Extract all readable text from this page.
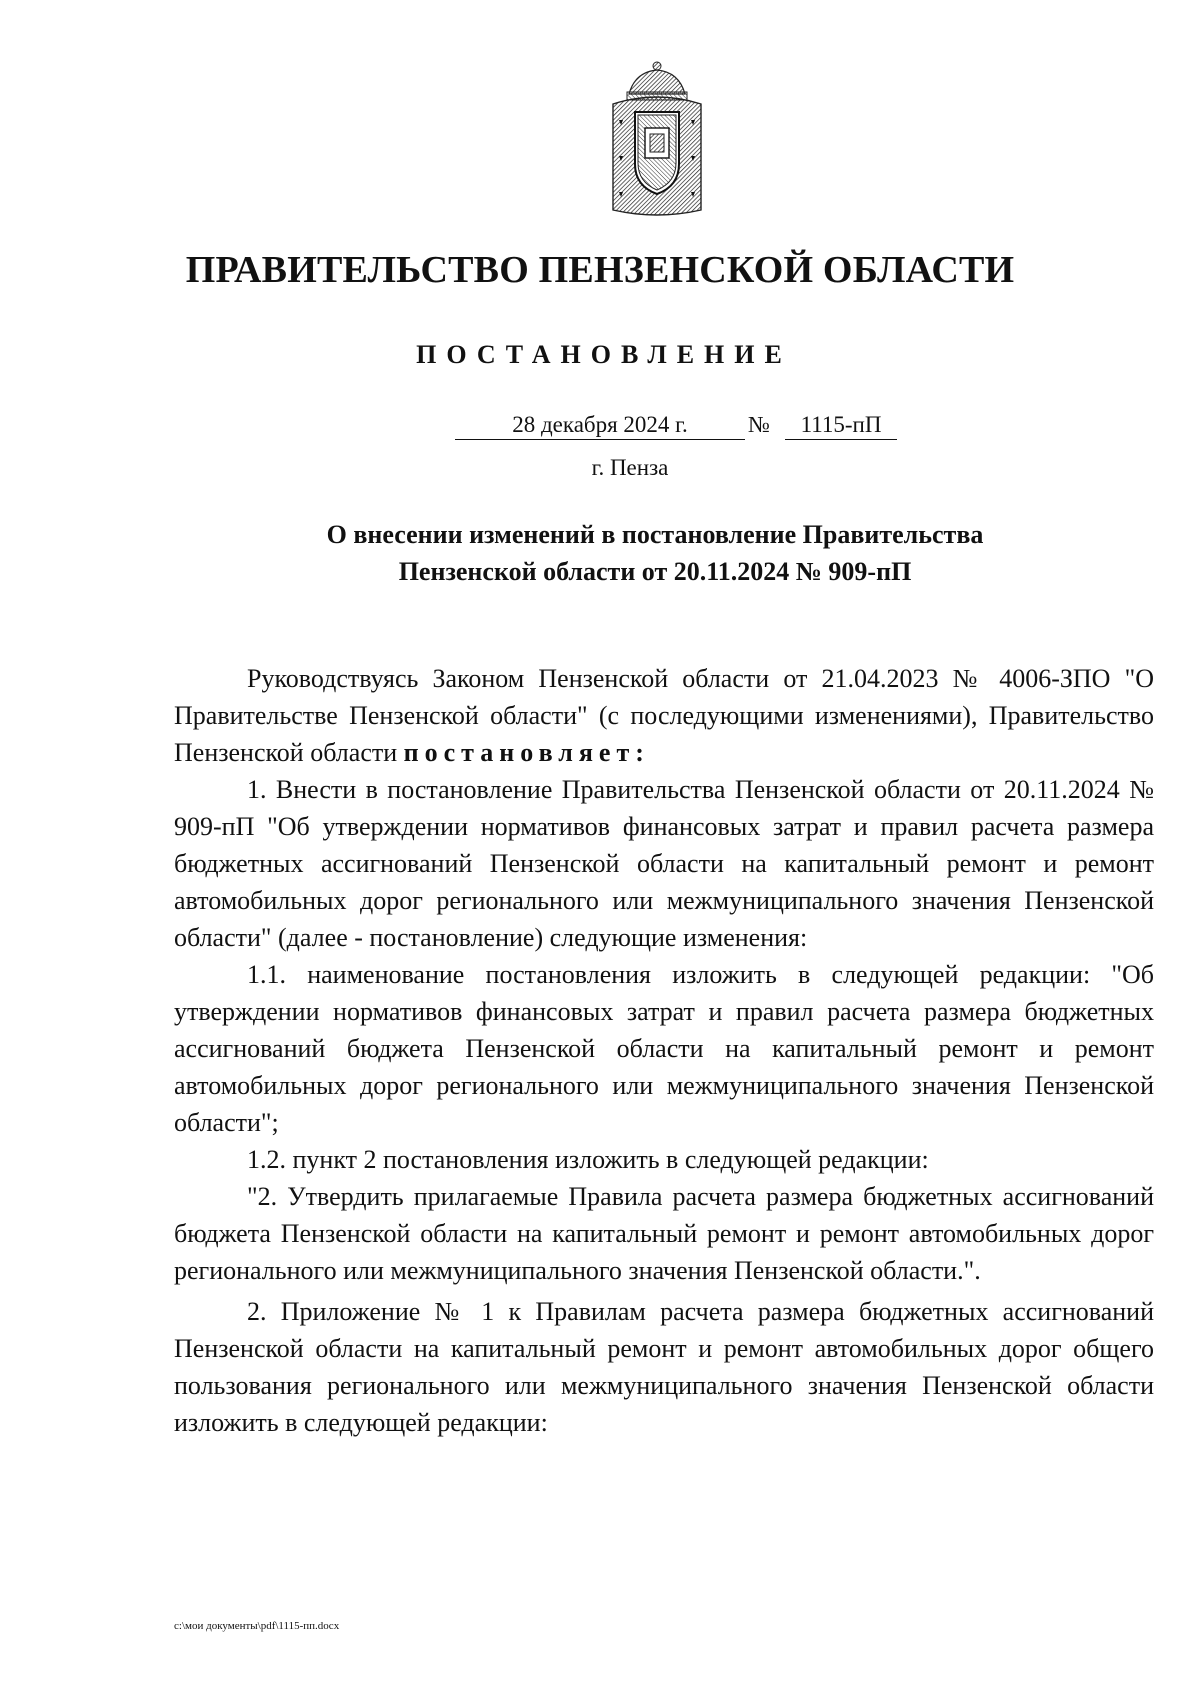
ПРАВИТЕЛЬСТВО ПЕНЗЕНСКОЙ ОБЛАСТИ
ПОСТАНОВЛЕНИЕ
28 декабря 2024 г.	№	1115-пП
г. Пенза
О внесении изменений в постановление Правительства
Пензенской области от 20.11.2024 № 909-пП

Руководствуясь Законом Пензенской области от 21.04.2023 № 4006-ЗПО "О Правительстве Пензенской области" (с последующими изменениями), Правительство Пензенской области постановляет:

1. Внести в постановление Правительства Пензенской области от 20.11.2024 № 909-пП "Об утверждении нормативов финансовых затрат и правил расчета размера бюджетных ассигнований Пензенской области на капитальный ремонт и ремонт автомобильных дорог регионального или межмуниципального значения Пензенской области" (далее - постановление) следующие изменения:

1.1. наименование постановления изложить в следующей редакции: "Об утверждении нормативов финансовых затрат и правил расчета размера бюджетных ассигнований бюджета Пензенской области на капитальный ремонт и ремонт автомобильных дорог регионального или межмуниципального значения Пензенской области";

1.2. пункт 2 постановления изложить в следующей редакции:

"2. Утвердить прилагаемые Правила расчета размера бюджетных ассигнований бюджета Пензенской области на капитальный ремонт и ремонт автомобильных дорог регионального или межмуниципального значения Пензенской области.".

2. Приложение № 1 к Правилам расчета размера бюджетных ассигнований Пензенской области на капитальный ремонт и ремонт автомобильных дорог общего пользования регионального или межмуниципального значения Пензенской области изложить в следующей редакции:

c:\мои документы\pdf\1115-пп.docx
